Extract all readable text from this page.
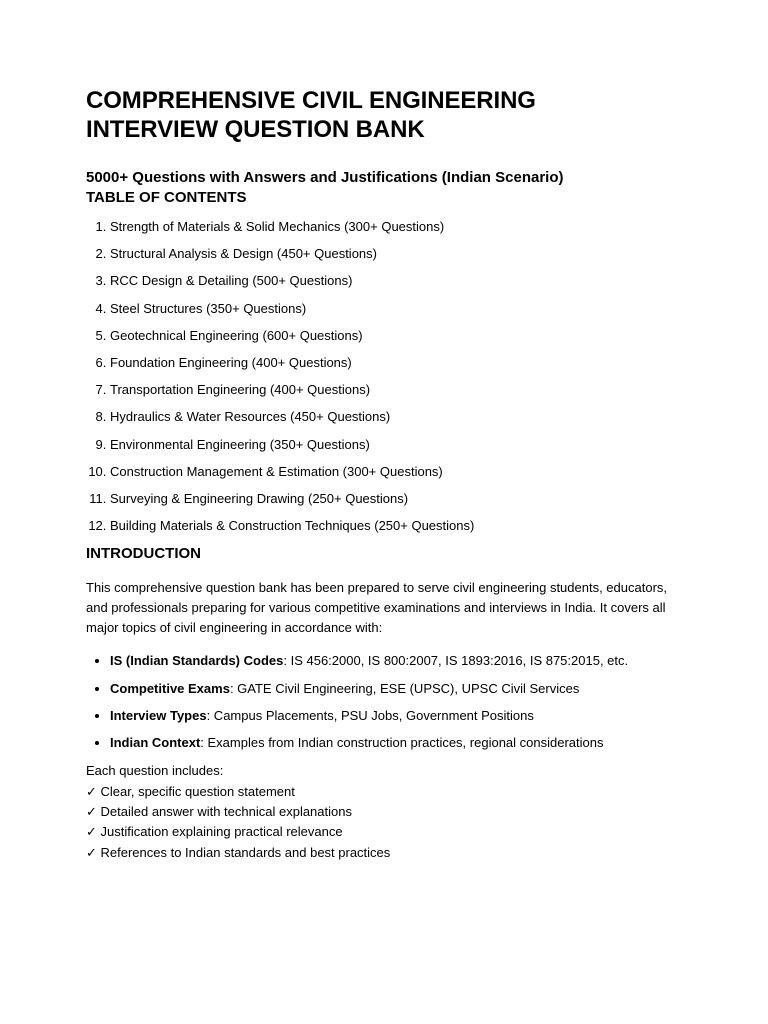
COMPREHENSIVE CIVIL ENGINEERING
INTERVIEW QUESTION BANK

5000+ Questions with Answers and Justifications (Indian Scenario)

TABLE OF CONTENTS
1. Strength of Materials & Solid Mechanics (300+ Questions)
2. Structural Analysis & Design (450+ Questions)
3. RCC Design & Detailing (500+ Questions)
4. Steel Structures (350+ Questions)
5. Geotechnical Engineering (600+ Questions)
6. Foundation Engineering (400+ Questions)
7. Transportation Engineering (400+ Questions)
8. Hydraulics & Water Resources (450+ Questions)
9. Environmental Engineering (350+ Questions)
10. Construction Management & Estimation (300+ Questions)
11. Surveying & Engineering Drawing (250+ Questions)
12. Building Materials & Construction Techniques (250+ Questions)
INTRODUCTION

This comprehensive question bank has been prepared to serve civil engineering students, educators, and professionals preparing for various competitive examinations and interviews in India. It covers all major topics of civil engineering in accordance with:

• IS (Indian Standards) Codes: IS 456:2000, IS 800:2007, IS 1893:2016, IS 875:2015, etc.
• Competitive Exams: GATE Civil Engineering, ESE (UPSC), UPSC Civil Services
• Interview Types: Campus Placements, PSU Jobs, Government Positions
• Indian Context: Examples from Indian construction practices, regional considerations

Each question includes:

✓ Clear, specific question statement
✓ Detailed answer with technical explanations
✓ Justification explaining practical relevance
✓ References to Indian standards and best practices
